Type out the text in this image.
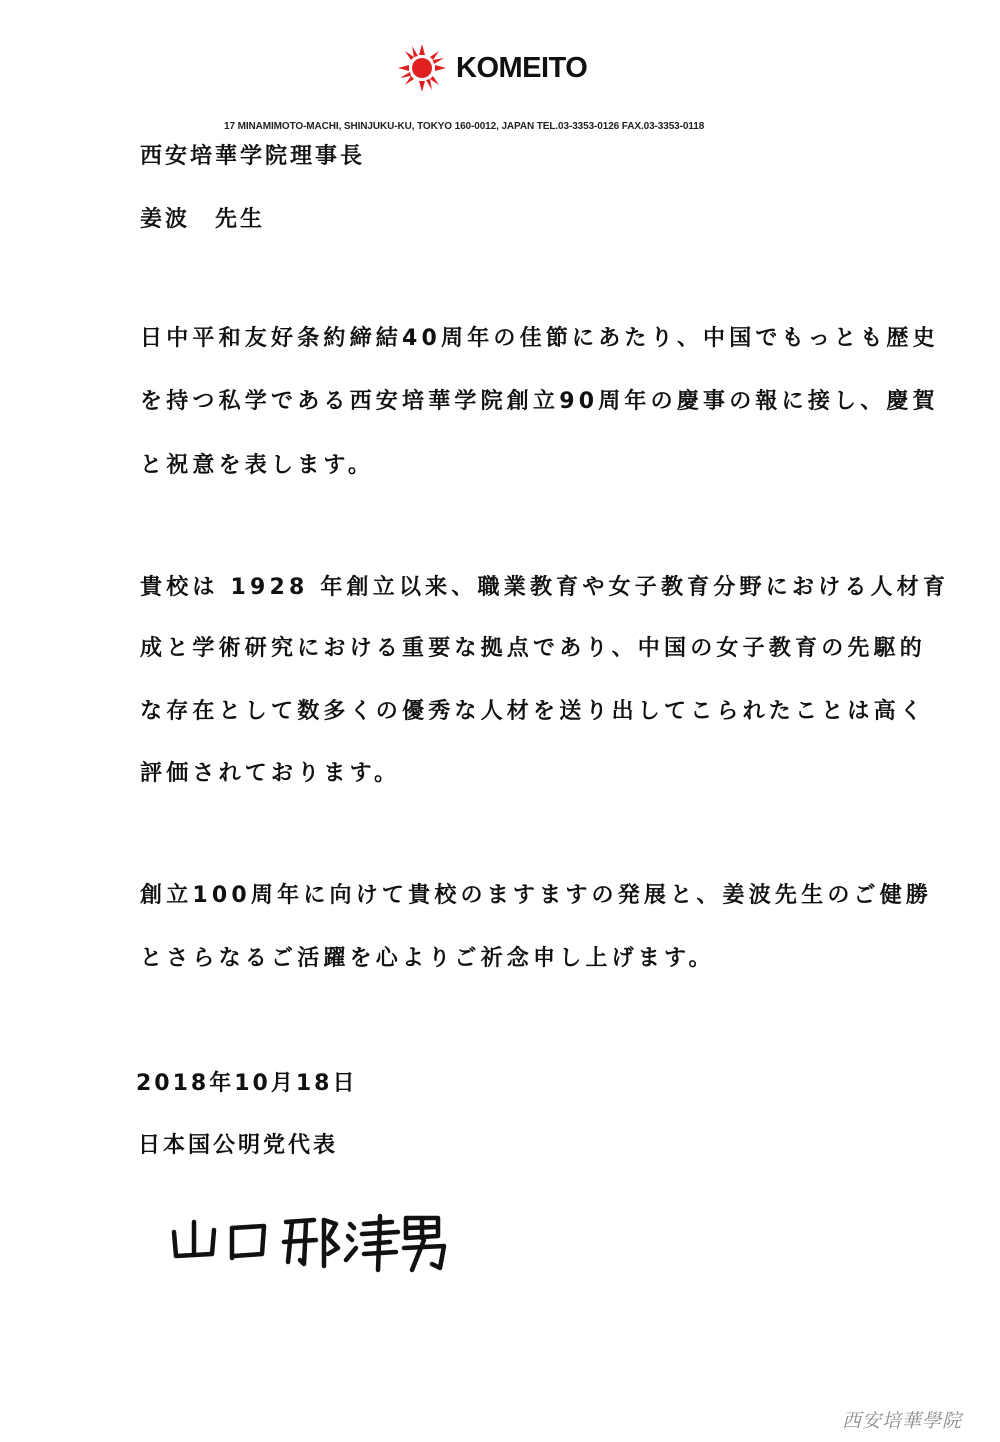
KOMEITO
17 MINAMIMOTO-MACHI, SHINJUKU-KU, TOKYO 160-0012, JAPAN TEL.03-3353-0126 FAX.03-3353-0118
西安培華学院理事長
姜波　先生
日中平和友好条約締結40周年の佳節にあたり、中国でもっとも歴史
を持つ私学である西安培華学院創立90周年の慶事の報に接し、慶賀
と祝意を表します。
貴校は 1928 年創立以来、職業教育や女子教育分野における人材育
成と学術研究における重要な拠点であり、中国の女子教育の先駆的
な存在として数多くの優秀な人材を送り出してこられたことは高く
評価されております。
創立100周年に向けて貴校のますますの発展と、姜波先生のご健勝
とさらなるご活躍を心よりご祈念申し上げます。
2018年10月18日
日本国公明党代表
西安培華學院
